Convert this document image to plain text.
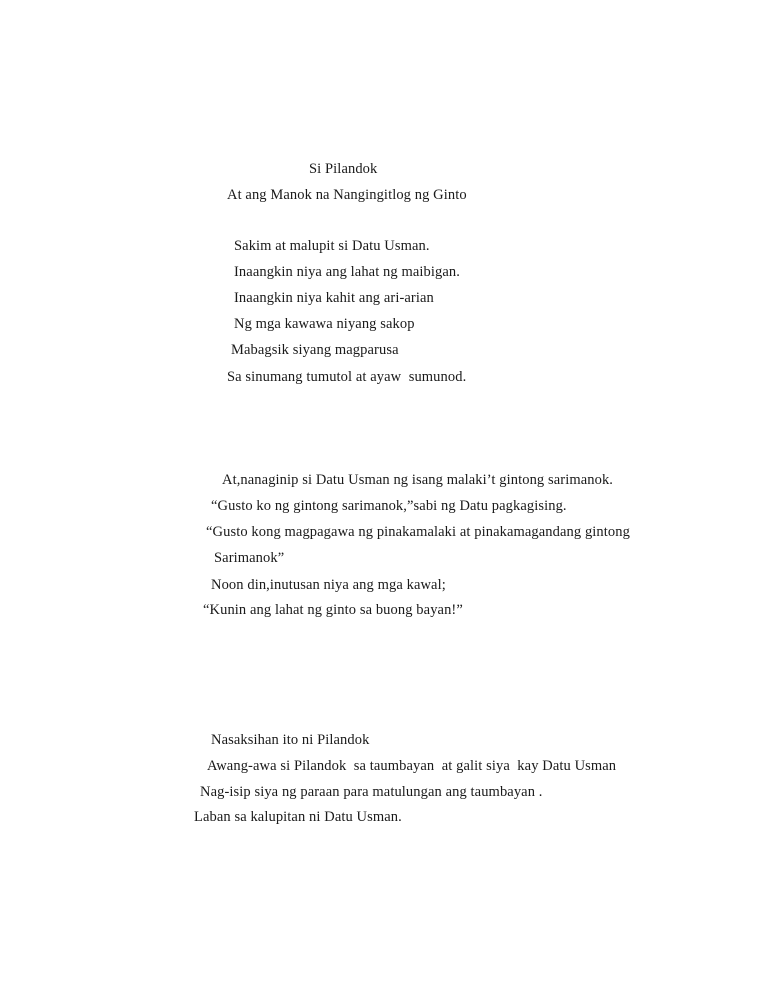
Si Pilandok
At ang Manok na Nangingitlog ng Ginto
Sakim at malupit si Datu Usman.
Inaangkin niya ang lahat ng maibigan.
Inaangkin niya kahit ang ari-arian
Ng mga kawawa niyang sakop
Mabagsik siyang magparusa
Sa sinumang tumutol at ayaw  sumunod.
At,nanaginip si Datu Usman ng isang malaki’t gintong sarimanok.
“Gusto ko ng gintong sarimanok,”sabi ng Datu pagkagising.
“Gusto kong magpagawa ng pinakamalaki at pinakamagandang gintong
Sarimanok”
Noon din,inutusan niya ang mga kawal;
“Kunin ang lahat ng ginto sa buong bayan!”
Nasaksihan ito ni Pilandok
Awang-awa si Pilandok  sa taumbayan  at galit siya  kay Datu Usman
Nag-isip siya ng paraan para matulungan ang taumbayan .
Laban sa kalupitan ni Datu Usman.
